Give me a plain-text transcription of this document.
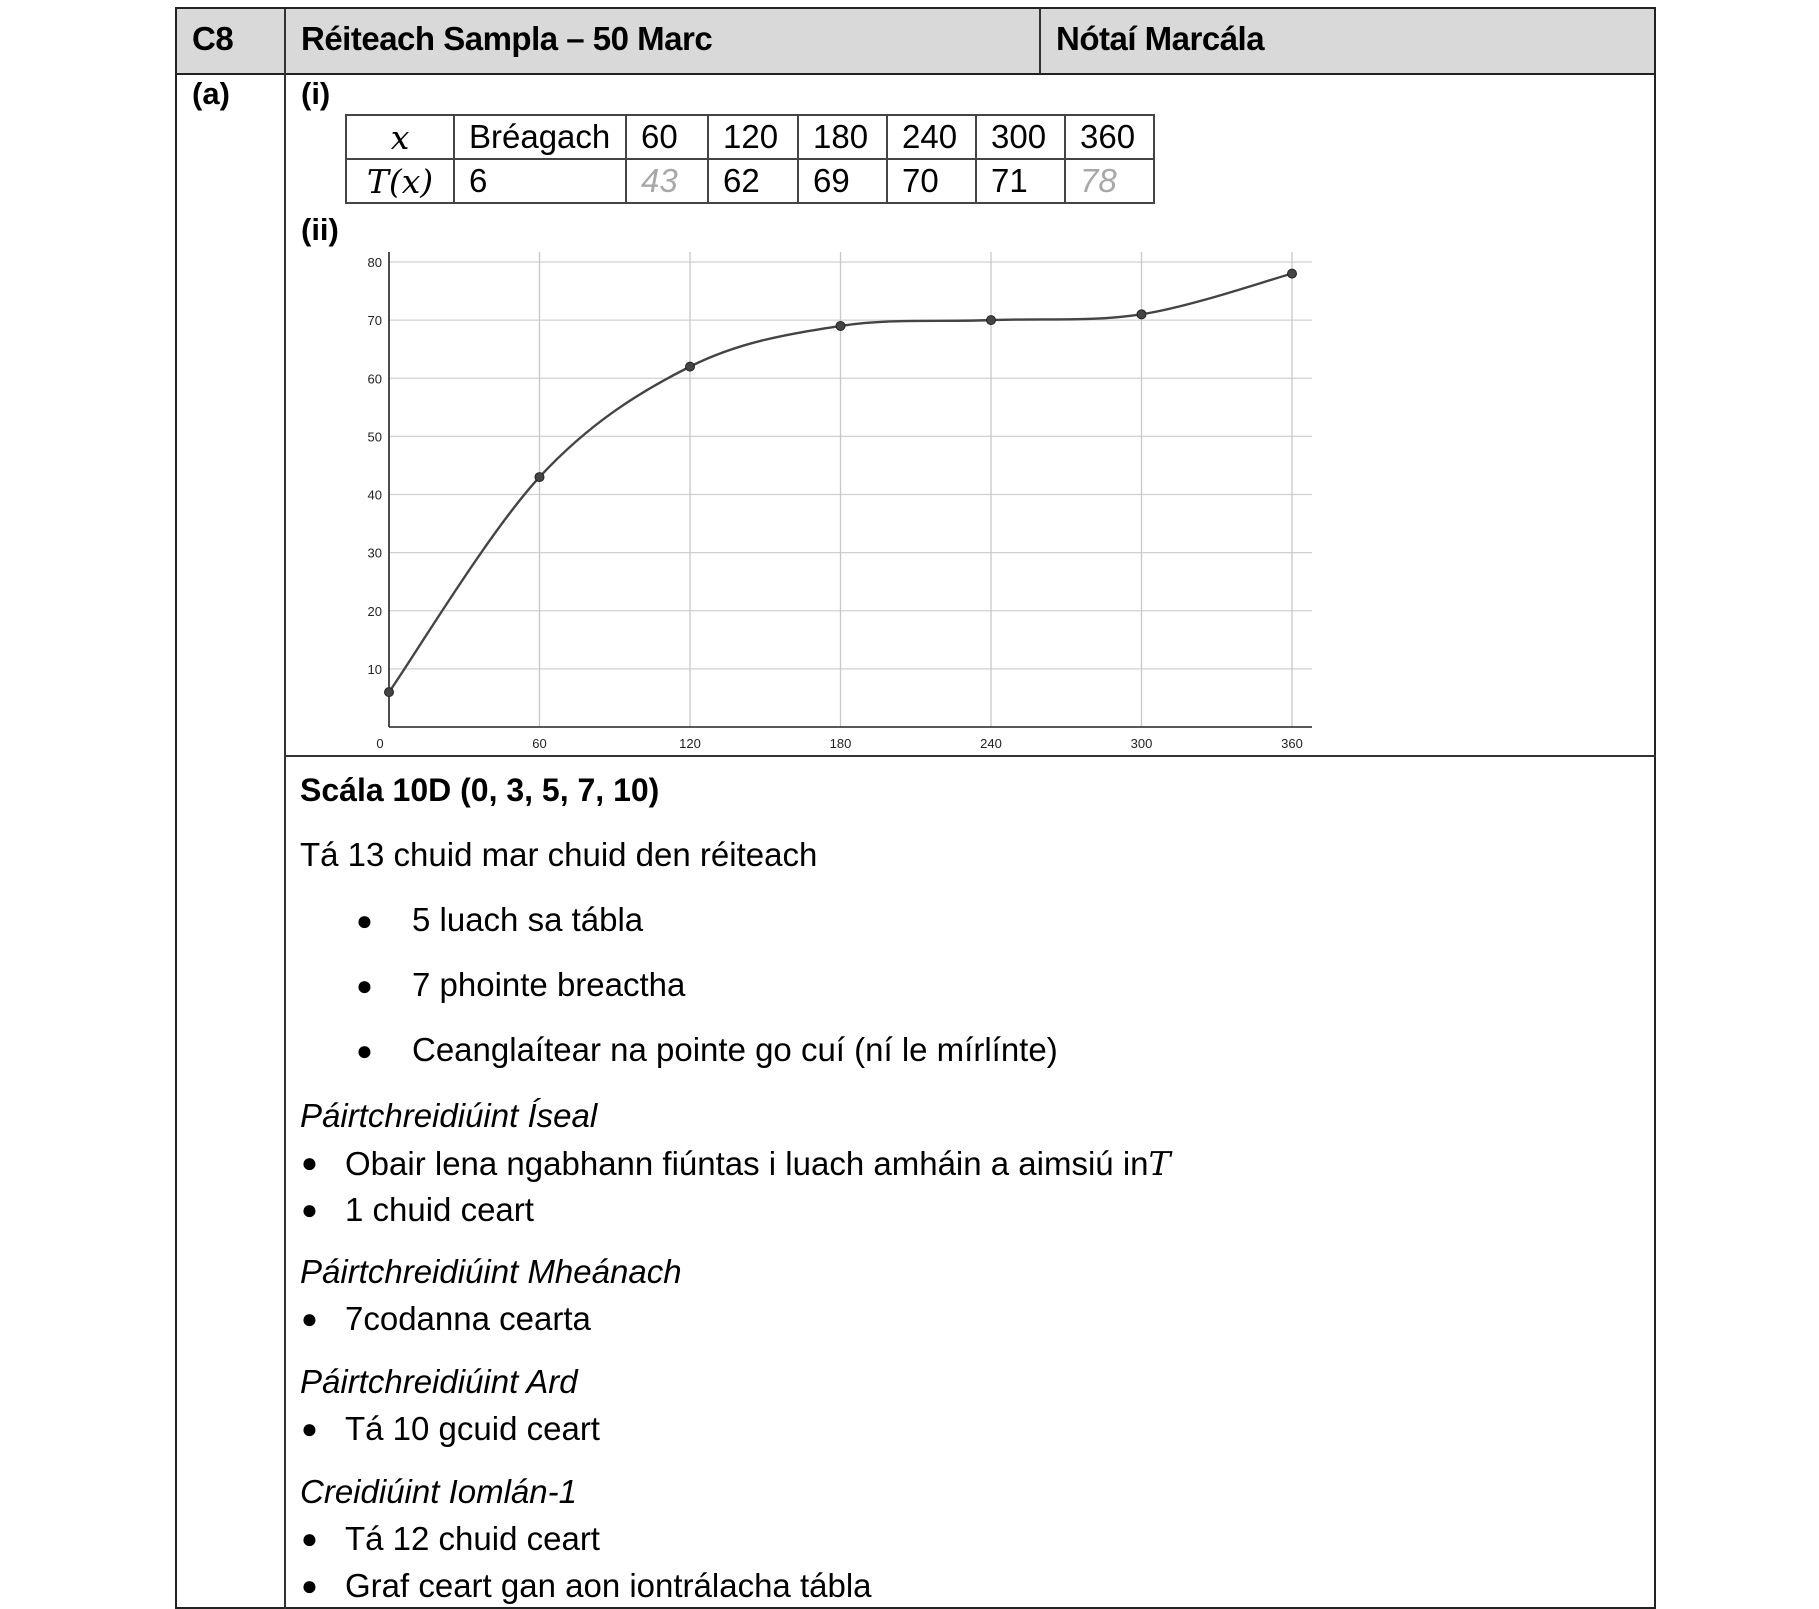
C8 Réiteach Sampla – 50 Marc	Nótaí Marcála
(a) (i)
(ii)
x	Bréagach	60	120	180	240	300	360
T(x)	6	43	62	69	70	71	78
10
20
30
40
50
60
70
80
0	60	120	180	240	300	360
Scála 10D (0, 3, 5, 7, 10)
Tá 13 chuid mar chuid den réiteach
● 5 luach sa tábla
● 7 phointe breactha
● Ceanglaítear na pointe go cuí (ní le mírlínte)
Páirtchreidiúint Íseal
● Obair lena ngabhann fiúntas i luach amháin a aimsiú inT
● 1 chuid ceart
Páirtchreidiúint Mheánach
● 7codanna cearta
Páirtchreidiúint Ard
● Tá 10 gcuid ceart
Creidiúint Iomlán-1
● Tá 12 chuid ceart
● Graf ceart gan aon iontrálacha tábla
